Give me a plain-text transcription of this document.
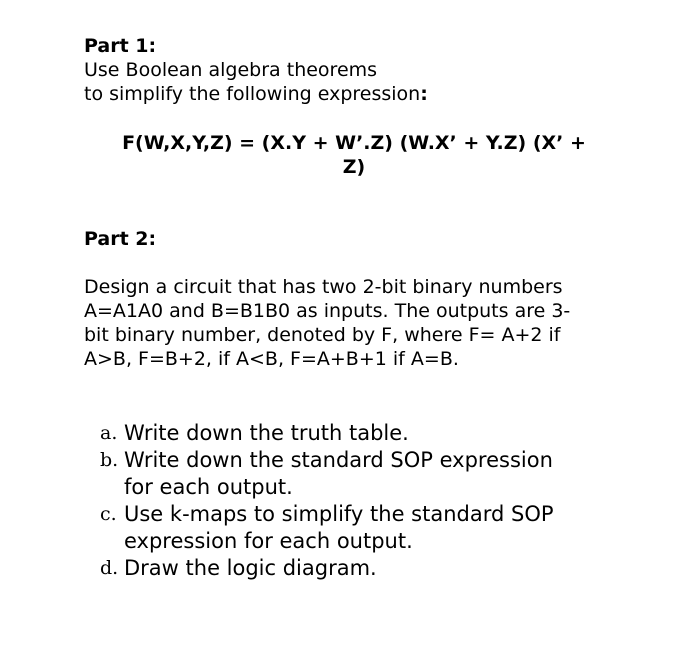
Part 1:
Use Boolean algebra theorems
to simplify the following expression:
F(W,X,Y,Z) = (X.Y + W’.Z) (W.X’ + Y.Z) (X’ +
Z)
Part 2:
Design a circuit that has two 2-bit binary numbers
A=A1A0 and B=B1B0 as inputs. The outputs are 3-
bit binary number, denoted by F, where F= A+2 if
A>B, F=B+2, if A<B, F=A+B+1 if A=B.
a. Write down the truth table.
b. Write down the standard SOP expression
for each output.
c. Use k-maps to simplify the standard SOP
expression for each output.
d. Draw the logic diagram.
